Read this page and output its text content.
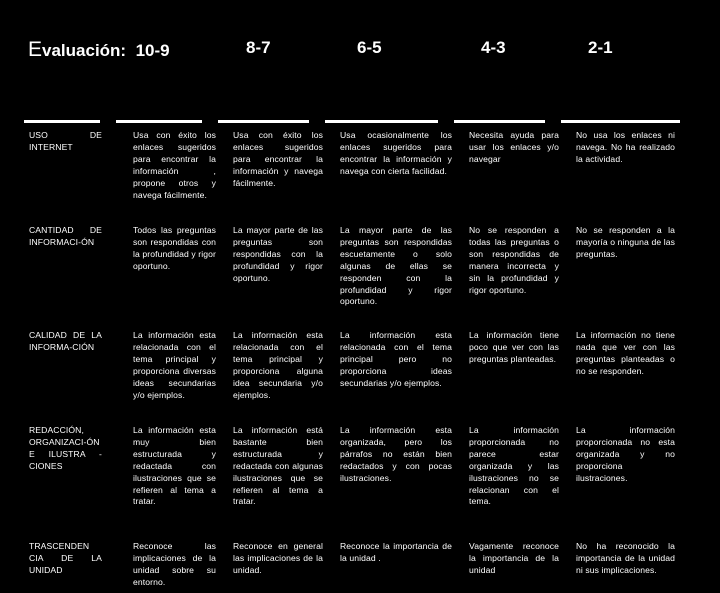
Evaluación: 10-9	8-7	6-5	4-3	2-1
USO DE INTERNET		Usa con éxito los enlaces sugeridos para encontrar la información , propone otros y navega fácilmente.		Usa con éxito los enlaces sugeridos para encontrar la información y navega fácilmente.		Usa ocasionalmente los enlaces sugeridos para encontrar la información y navega con cierta facilidad.		Necesita ayuda para usar los enlaces y/o navegar		No usa los enlaces ni navega. No ha realizado la actividad.
CANTIDAD DE INFORMACI-ÓN		Todos las preguntas son respondidas con la profundidad y rigor oportuno.		La mayor parte de las preguntas son respondidas con la profundidad y rigor oportuno.		La mayor parte de las preguntas son respondidas escuetamente o solo algunas de ellas se responden con la profundidad y rigor oportuno.		No se responden a todas las preguntas o son respondidas de manera incorrecta y sin la profundidad y rigor oportuno.		No se responden a la mayoría o ninguna de las preguntas.
CALIDAD DE LA INFORMA-CIÓN		La información esta relacionada con el tema principal y proporciona diversas ideas secundarias y/o ejemplos.		La información esta relacionada con el tema principal y proporciona alguna idea secundaria y/o ejemplos.		La información esta relacionada con el tema principal pero no proporciona ideas secundarias y/o ejemplos.		La información tiene poco que ver con las preguntas planteadas.		La información no tiene nada que ver con las preguntas planteadas o no se responden.
REDACCIÓN, ORGANIZACI-ÓN E ILUSTRA -CIONES		La información esta muy bien estructurada y redactada con ilustraciones que se refieren al tema a tratar.		La información está bastante bien estructurada y redactada con algunas ilustraciones que se refieren al tema a tratar.		La información esta organizada, pero los párrafos no están bien redactados y con pocas ilustraciones.		La información proporcionada no parece estar organizada y las ilustraciones no se relacionan con el tema.		La información proporcionada no esta organizada y no proporciona ilustraciones.
TRASCENDEN CIA DE LA UNIDAD		Reconoce las implicaciones de la unidad sobre su entorno.		Reconoce en general las implicaciones de la unidad.		Reconoce la importancia de la unidad .		Vagamente reconoce la importancia de la unidad		No ha reconocido la importancia de la unidad ni sus implicaciones.
